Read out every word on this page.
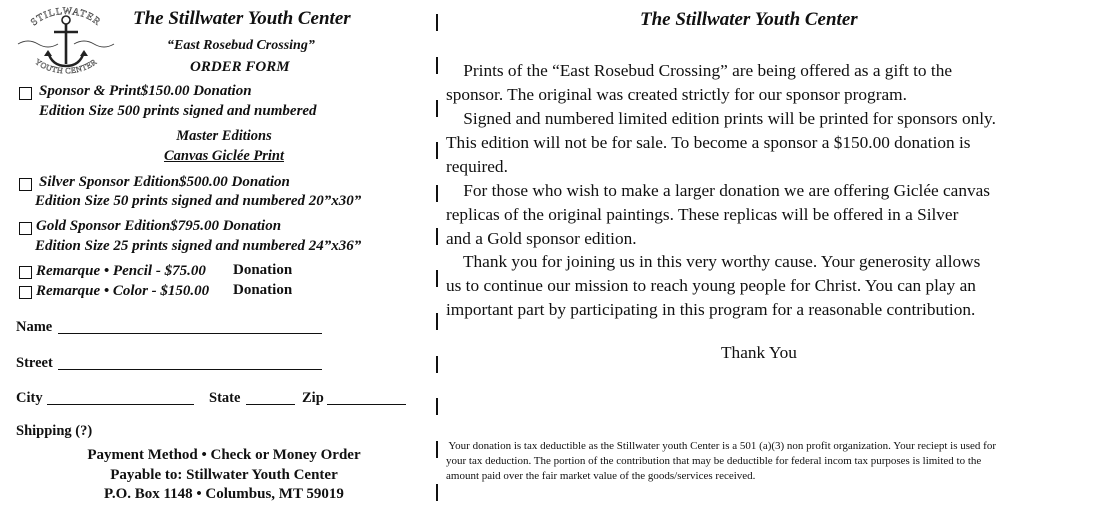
STILLWATER
YOUTH CENTER
The Stillwater Youth Center
“East Rosebud Crossing”
ORDER FORM
Sponsor & Print$150.00 Donation
Edition Size 500 prints signed and numbered
Master Editions
Canvas Giclée Print
Silver Sponsor Edition$500.00 Donation
Edition Size 50 prints signed and numbered 20”x30”
Gold Sponsor Edition$795.00 Donation
Edition Size 25 prints signed and numbered 24”x36”
Remarque • Pencil - $75.00 Donation
Remarque • Color - $150.00 Donation
Name
Street
City	State	Zip
Shipping (?)
Payment Method • Check or Money Order
Payable to: Stillwater Youth Center
P.O. Box 1148 • Columbus, MT 59019
The Stillwater Youth Center
Prints of the “East Rosebud Crossing” are being offered as a gift to the
sponsor. The original was created strictly for our sponsor program.
Signed and numbered limited edition prints will be printed for sponsors only.
This edition will not be for sale. To become a sponsor a $150.00 donation is
required.
For those who wish to make a larger donation we are offering Giclée canvas
replicas of the original paintings. These replicas will be offered in a Silver
and a Gold sponsor edition.
Thank you for joining us in this very worthy cause. Your generosity allows
us to continue our mission to reach young people for Christ. You can play an
important part by participating in this program for a reasonable contribution.
Thank You
Your donation is tax deductible as the Stillwater youth Center is a 501 (a)(3) non profit organization. Your reciept is used for
your tax deduction. The portion of the contribution that may be deductible for federal incom tax purposes is limited to the
amount paid over the fair market value of the goods/services received.
